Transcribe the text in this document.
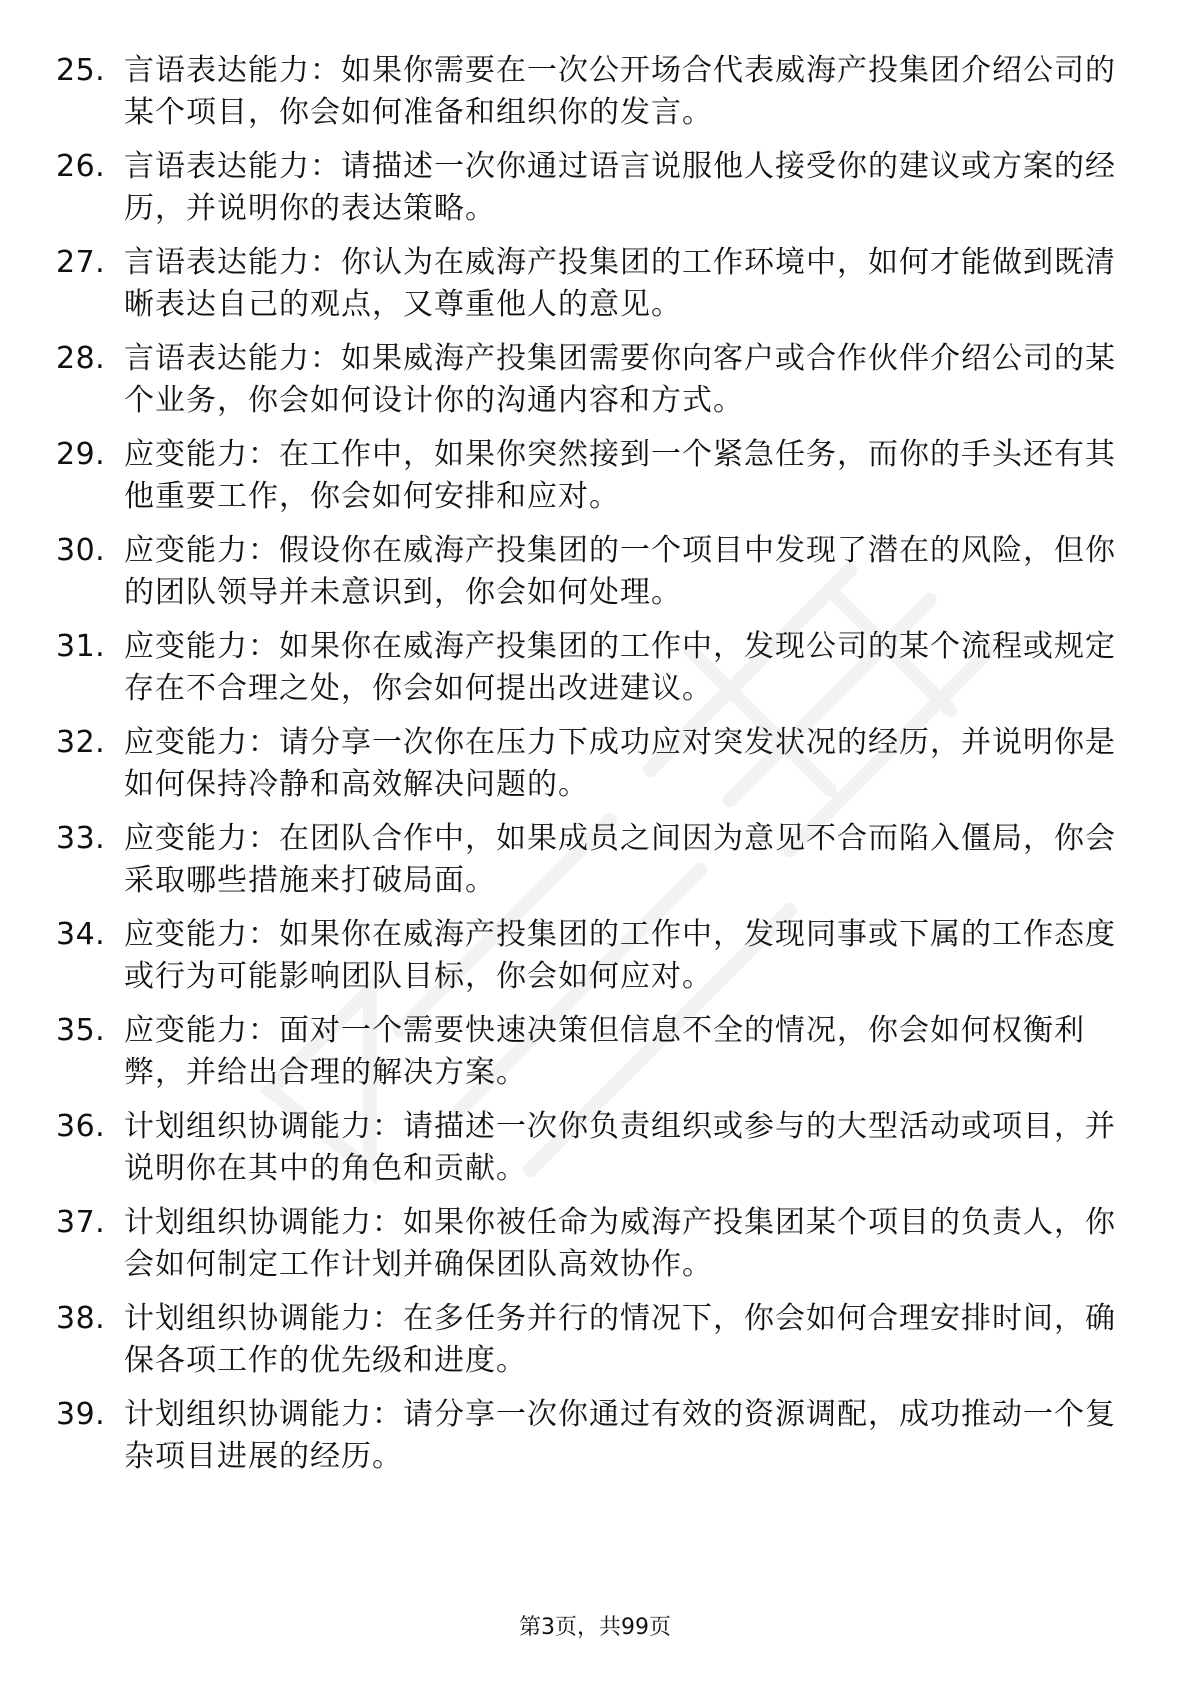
25. 言语表达能力：如果你需要在一次公开场合代表威海产投集团介绍公司的某个项目，你会如何准备和组织你的发言。
26. 言语表达能力：请描述一次你通过语言说服他人接受你的建议或方案的经历，并说明你的表达策略。
27. 言语表达能力：你认为在威海产投集团的工作环境中，如何才能做到既清晰表达自己的观点，又尊重他人的意见。
28. 言语表达能力：如果威海产投集团需要你向客户或合作伙伴介绍公司的某个业务，你会如何设计你的沟通内容和方式。
29. 应变能力：在工作中，如果你突然接到一个紧急任务，而你的手头还有其他重要工作，你会如何安排和应对。
30. 应变能力：假设你在威海产投集团的一个项目中发现了潜在的风险，但你的团队领导并未意识到，你会如何处理。
31. 应变能力：如果你在威海产投集团的工作中，发现公司的某个流程或规定存在不合理之处，你会如何提出改进建议。
32. 应变能力：请分享一次你在压力下成功应对突发状况的经历，并说明你是如何保持冷静和高效解决问题的。
33. 应变能力：在团队合作中，如果成员之间因为意见不合而陷入僵局，你会采取哪些措施来打破局面。
34. 应变能力：如果你在威海产投集团的工作中，发现同事或下属的工作态度或行为可能影响团队目标，你会如何应对。
35. 应变能力：面对一个需要快速决策但信息不全的情况，你会如何权衡利弊，并给出合理的解决方案。
36. 计划组织协调能力：请描述一次你负责组织或参与的大型活动或项目，并说明你在其中的角色和贡献。
37. 计划组织协调能力：如果你被任命为威海产投集团某个项目的负责人，你会如何制定工作计划并确保团队高效协作。
38. 计划组织协调能力：在多任务并行的情况下，你会如何合理安排时间，确保各项工作的优先级和进度。
39. 计划组织协调能力：请分享一次你通过有效的资源调配，成功推动一个复杂项目进展的经历。
第3页，共99页
